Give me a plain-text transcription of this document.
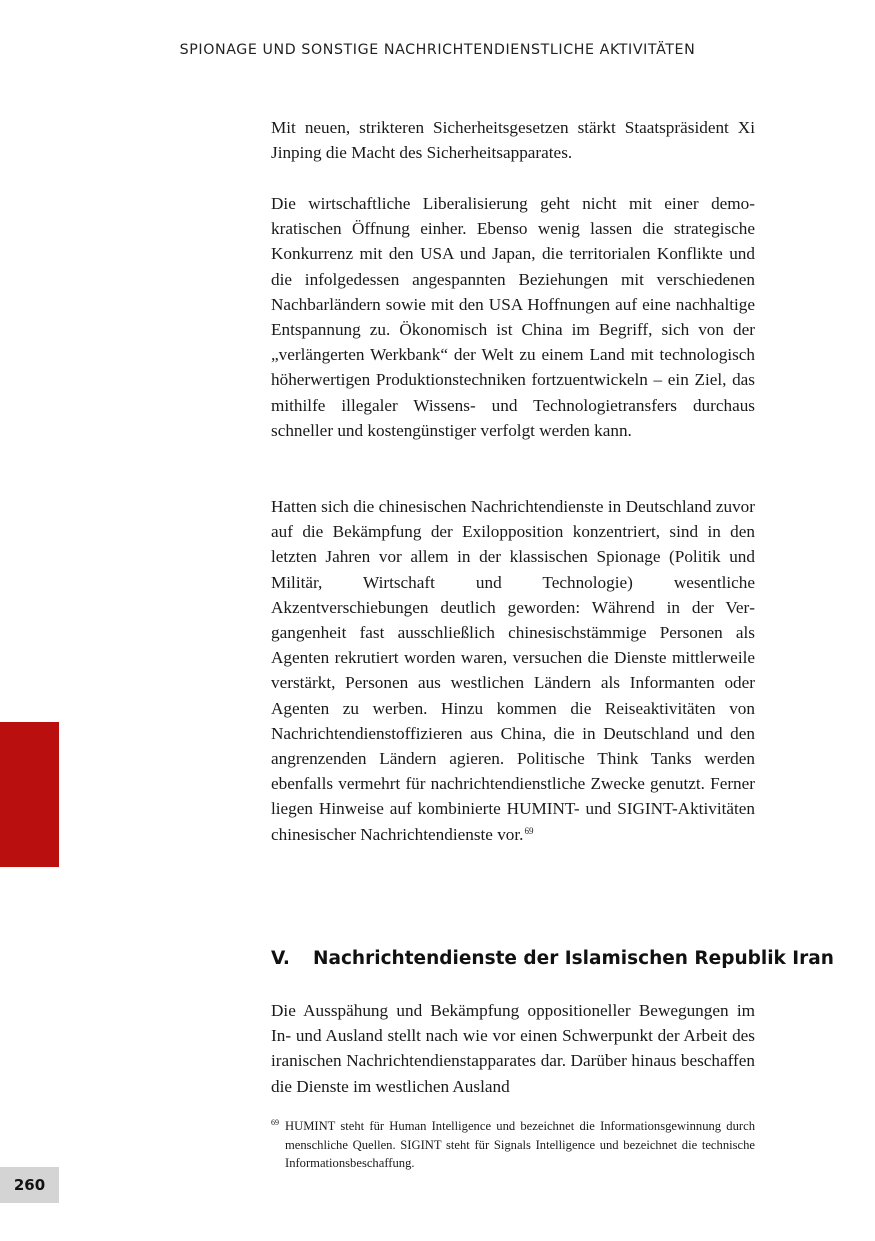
SPIONAGE UND SONSTIGE NACHRICHTENDIENSTLICHE AKTIVITÄTEN
260

Mit neuen, strikteren Sicherheitsgesetzen stärkt Staatspräsident Xi Jinping die Macht des Sicherheitsapparates.

Die wirtschaftliche Liberalisierung geht nicht mit einer demokratischen Öffnung einher. Ebenso wenig lassen die strategische Konkurrenz mit den USA und Japan, die territorialen Konflikte und die infolgedessen angespannten Beziehungen mit verschiedenen Nachbarländern sowie mit den USA Hoffnungen auf eine nachhaltige Entspannung zu. Ökonomisch ist China im Begriff, sich von der „verlängerten Werkbank“ der Welt zu einem Land mit technologisch höherwertigen Produktionstechniken fortzuentwickeln – ein Ziel, das mithilfe illegaler Wissens- und Technologietransfers durchaus schneller und kostengünstiger verfolgt werden kann.

Hatten sich die chinesischen Nachrichtendienste in Deutschland zuvor auf die Bekämpfung der Exilopposition konzentriert, sind in den letzten Jahren vor allem in der klassischen Spionage (Politik und Militär, Wirtschaft und Technologie) wesentliche Akzentverschiebungen deutlich geworden: Während in der Vergangenheit fast ausschließlich chinesischstämmige Personen als Agenten rekrutiert worden waren, versuchen die Dienste mittlerweile verstärkt, Personen aus westlichen Ländern als Informanten oder Agenten zu werben. Hinzu kommen die Reiseaktivitäten von Nachrichtendienstoffizieren aus China, die in Deutschland und den angrenzenden Ländern agieren. Politische Think Tanks werden ebenfalls vermehrt für nachrichtendienstliche Zwecke genutzt. Ferner liegen Hinweise auf kombinierte HUMINT- und SIGINT-Aktivitäten chinesischer Nachrichtendienste vor.$^{69}$

V. Nachrichtendienste der Islamischen Republik Iran

Die Ausspähung und Bekämpfung oppositioneller Bewegungen im In- und Ausland stellt nach wie vor einen Schwerpunkt der Arbeit des iranischen Nachrichtendienstapparates dar. Darüber hinaus beschaffen die Dienste im westlichen Ausland

69 HUMINT steht für Human Intelligence und bezeichnet die Informationsgewinnung durch menschliche Quellen. SIGINT steht für Signals Intelligence und bezeichnet die technische Informationsbeschaffung.
